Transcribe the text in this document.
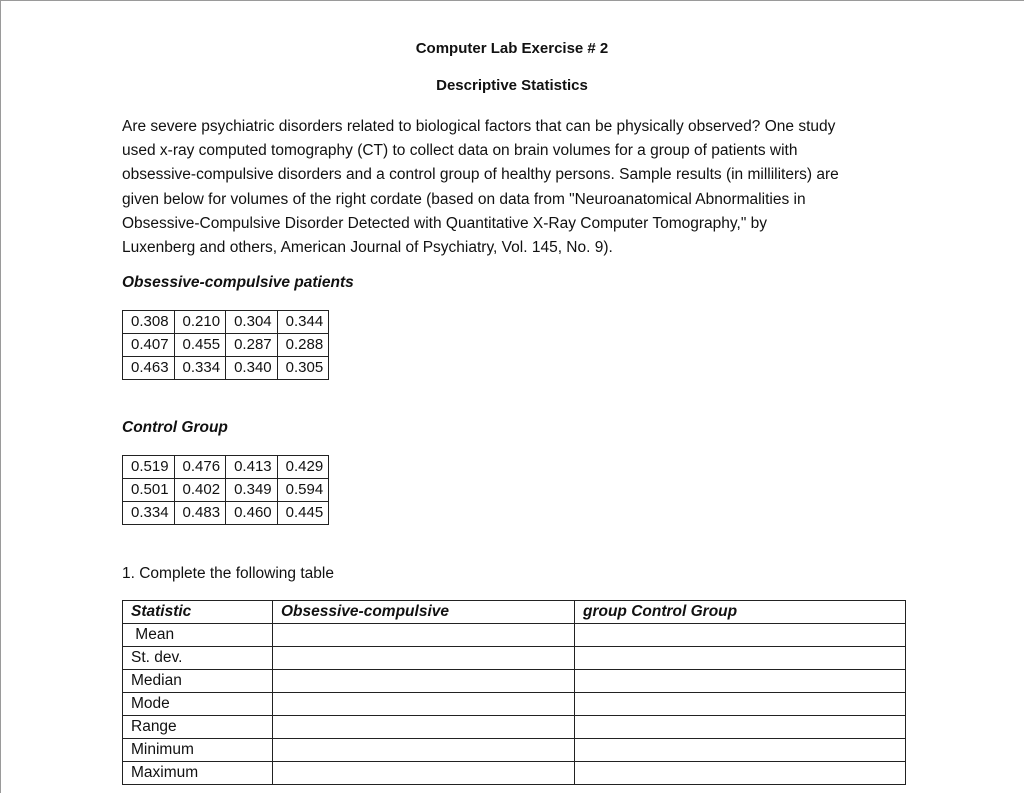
Computer Lab Exercise # 2
Descriptive Statistics

Are severe psychiatric disorders related to biological factors that can be physically observed? One study
used x-ray computed tomography (CT) to collect data on brain volumes for a group of patients with
obsessive-compulsive disorders and a control group of healthy persons. Sample results (in milliliters) are
given below for volumes of the right cordate (based on data from "Neuroanatomical Abnormalities in
Obsessive-Compulsive Disorder Detected with Quantitative X-Ray Computer Tomography," by
Luxenberg and others, American Journal of Psychiatry, Vol. 145, No. 9).

Obsessive-compulsive patients
0.308	0.210	0.304	0.344
0.407	0.455	0.287	0.288
0.463	0.334	0.340	0.305
Control Group
0.519	0.476	0.413	0.429
0.501	0.402	0.349	0.594
0.334	0.483	0.460	0.445
1. Complete the following table
Statistic	Obsessive-compulsive	group Control Group
Mean		
St. dev.		
Median		
Mode		
Range		
Minimum		
Maximum		
